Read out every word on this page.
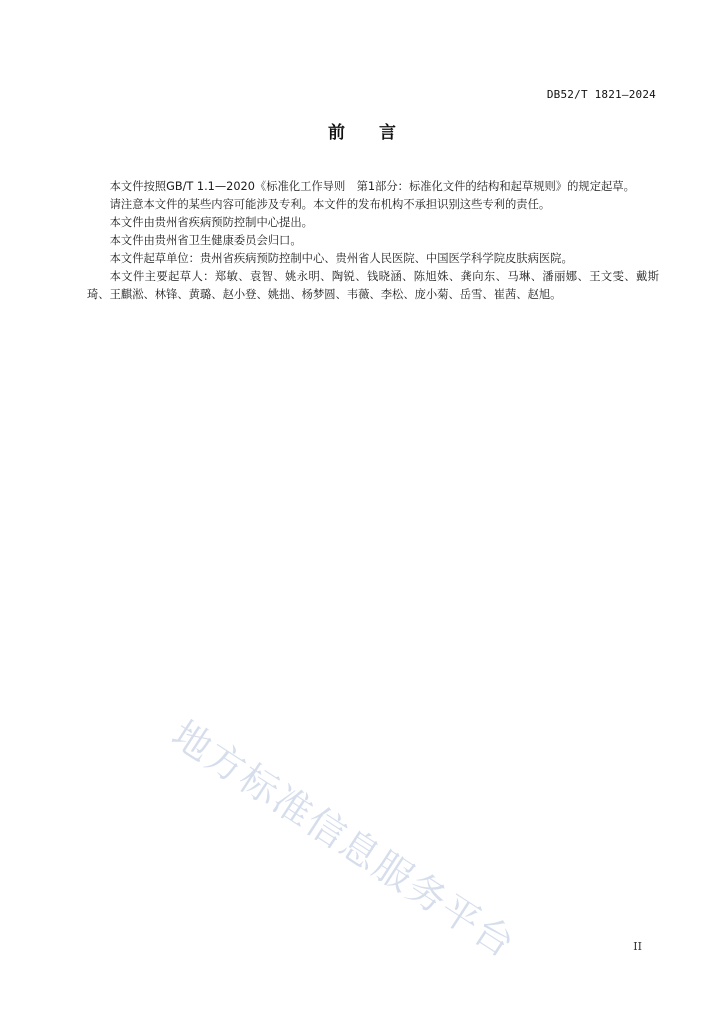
DB52/T 1821—2024
前言

本文件按照GB/T 1.1—2020《标准化工作导则　第1部分：标准化文件的结构和起草规则》的规定起草。

请注意本文件的某些内容可能涉及专利。本文件的发布机构不承担识别这些专利的责任。

本文件由贵州省疾病预防控制中心提出。

本文件由贵州省卫生健康委员会归口。

本文件起草单位：贵州省疾病预防控制中心、贵州省人民医院、中国医学科学院皮肤病医院。

本文件主要起草人：郑敏、袁智、姚永明、陶锐、钱晓涵、陈旭姝、龚向东、马琳、潘丽娜、王文雯、戴斯琦、王麒淞、林锋、黄璐、赵小登、姚拙、杨梦圆、韦薇、李松、庞小菊、岳雪、崔茜、赵旭。

地方标准信息服务平台	II
